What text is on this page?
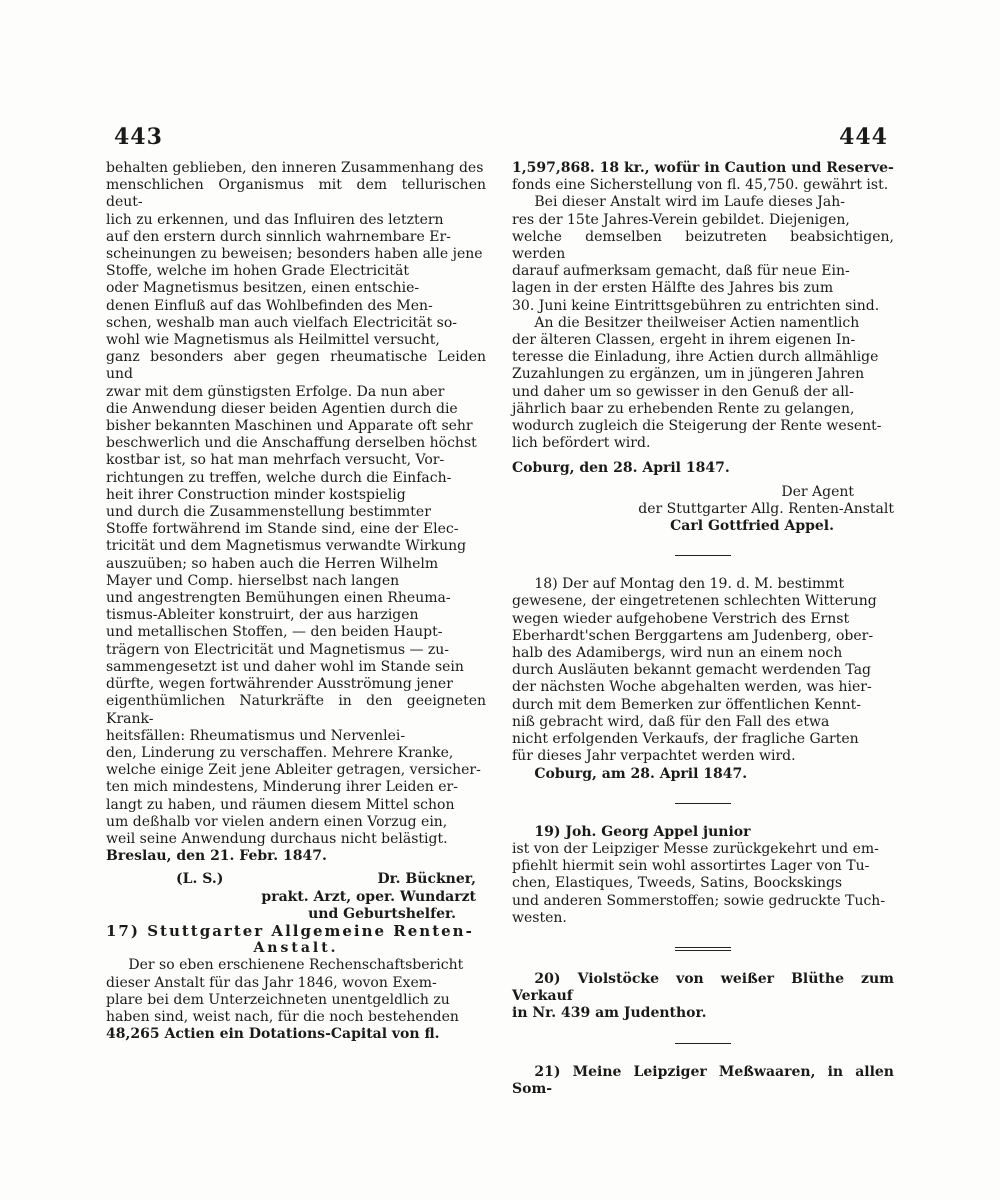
443	444

behalten geblieben, den inneren Zusammenhang des

menschlichen Organismus mit dem tellurischen deut-

lich zu erkennen, und das Influiren des letztern

auf den erstern durch sinnlich wahrnembare Er-

scheinungen zu beweisen; besonders haben alle jene

Stoffe, welche im hohen Grade Electricität

oder Magnetismus besitzen, einen entschie-

denen Einfluß auf das Wohlbefinden des Men-

schen, weshalb man auch vielfach Electricität so-

wohl wie Magnetismus als Heilmittel versucht,

ganz besonders aber gegen rheumatische Leiden und

zwar mit dem günstigsten Erfolge. Da nun aber

die Anwendung dieser beiden Agentien durch die

bisher bekannten Maschinen und Apparate oft sehr

beschwerlich und die Anschaffung derselben höchst

kostbar ist, so hat man mehrfach versucht, Vor-

richtungen zu treffen, welche durch die Einfach-

heit ihrer Construction minder kostspielig

und durch die Zusammenstellung bestimmter

Stoffe fortwährend im Stande sind, eine der Elec-

tricität und dem Magnetismus verwandte Wirkung

auszuüben; so haben auch die Herren Wilhelm

Mayer und Comp. hierselbst nach langen

und angestrengten Bemühungen einen Rheuma-

tismus-Ableiter konstruirt, der aus harzigen

und metallischen Stoffen, — den beiden Haupt-

trägern von Electricität und Magnetismus — zu-

sammengesetzt ist und daher wohl im Stande sein

dürfte, wegen fortwährender Ausströmung jener

eigenthümlichen Naturkräfte in den geeigneten Krank-

heitsfällen: Rheumatismus und Nervenlei-

den, Linderung zu verschaffen. Mehrere Kranke,

welche einige Zeit jene Ableiter getragen, versicher-

ten mich mindestens, Minderung ihrer Leiden er-

langt zu haben, und räumen diesem Mittel schon

um deßhalb vor vielen andern einen Vorzug ein,

weil seine Anwendung durchaus nicht belästigt.

Breslau, den 21. Febr. 1847.

(L. S.)	Dr. Bückner,

prakt. Arzt, oper. Wundarzt

und Geburtshelfer.

17) Stuttgarter Allgemeine Renten-

Anstalt.

Der so eben erschienene Rechenschaftsbericht

dieser Anstalt für das Jahr 1846, wovon Exem-

plare bei dem Unterzeichneten unentgeldlich zu

haben sind, weist nach, für die noch bestehenden

48,265 Actien ein Dotations-Capital von fl.

1,597,868. 18 kr., wofür in Caution und Reserve-

fonds eine Sicherstellung von fl. 45,750. gewährt ist.

Bei dieser Anstalt wird im Laufe dieses Jah-

res der 15te Jahres-Verein gebildet. Diejenigen,

welche demselben beizutreten beabsichtigen, werden

darauf aufmerksam gemacht, daß für neue Ein-

lagen in der ersten Hälfte des Jahres bis zum

30. Juni keine Eintrittsgebühren zu entrichten sind.

An die Besitzer theilweiser Actien namentlich

der älteren Classen, ergeht in ihrem eigenen In-

teresse die Einladung, ihre Actien durch allmählige

Zuzahlungen zu ergänzen, um in jüngeren Jahren

und daher um so gewisser in den Genuß der all-

jährlich baar zu erhebenden Rente zu gelangen,

wodurch zugleich die Steigerung der Rente wesent-

lich befördert wird.

Coburg, den 28. April 1847.

Der Agent

der Stuttgarter Allg. Renten-Anstalt

Carl Gottfried Appel.

18) Der auf Montag den 19. d. M. bestimmt

gewesene, der eingetretenen schlechten Witterung

wegen wieder aufgehobene Verstrich des Ernst

Eberhardt'schen Berggartens am Judenberg, ober-

halb des Adamibergs, wird nun an einem noch

durch Ausläuten bekannt gemacht werdenden Tag

der nächsten Woche abgehalten werden, was hier-

durch mit dem Bemerken zur öffentlichen Kennt-

niß gebracht wird, daß für den Fall des etwa

nicht erfolgenden Verkaufs, der fragliche Garten

für dieses Jahr verpachtet werden wird.

Coburg, am 28. April 1847.

19) Joh. Georg Appel junior

ist von der Leipziger Messe zurückgekehrt und em-

pfiehlt hiermit sein wohl assortirtes Lager von Tu-

chen, Elastiques, Tweeds, Satins, Boockskings

und anderen Sommerstoffen; sowie gedruckte Tuch-

westen.

20) Violstöcke von weißer Blüthe zum Verkauf

in Nr. 439 am Judenthor.

21) Meine Leipziger Meßwaaren, in allen Som-
